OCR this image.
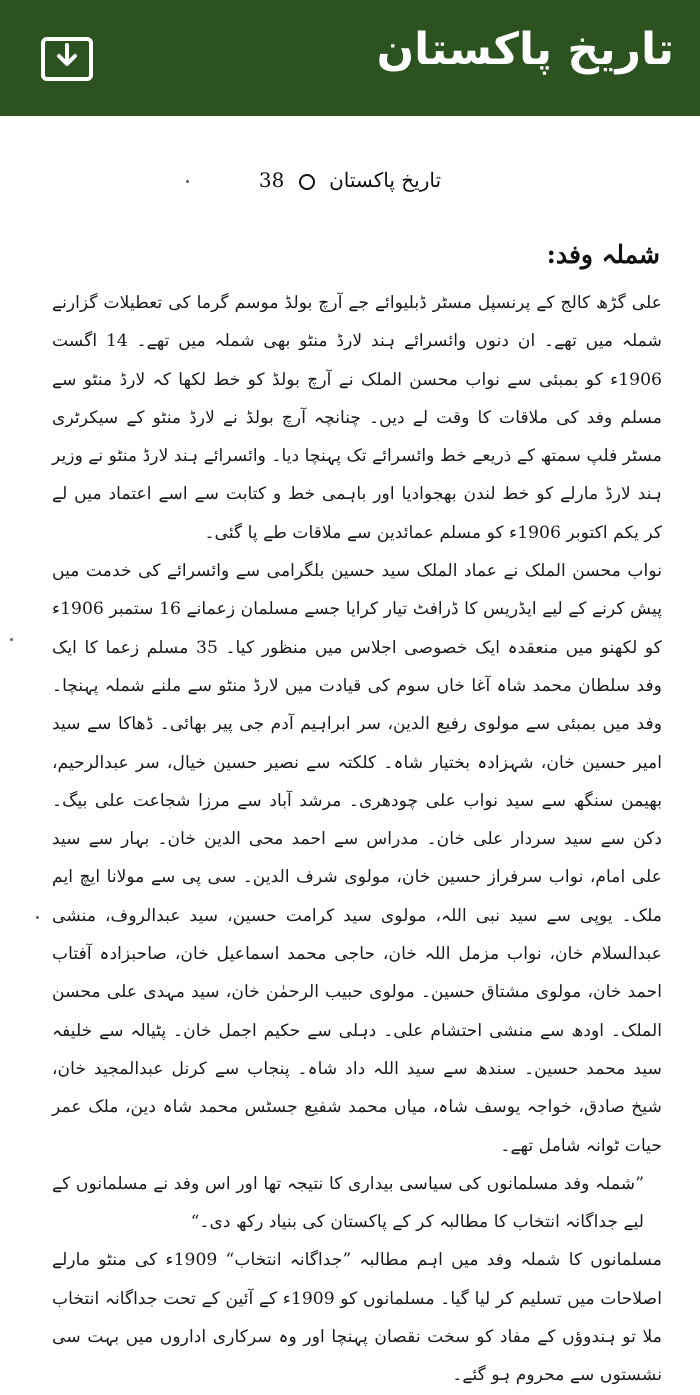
تاریخ پاکستان
تاریخ پاکستان  38
شملہ وفد:

علی گڑھ کالج کے پرنسپل مسٹر ڈبلیوائے جے آرچ بولڈ موسم گرما کی تعطیلات گزارنے شملہ میں تھے۔ ان دنوں وائسرائے ہند لارڈ منٹو بھی شملہ میں تھے۔ 14 اگست 1906ء کو بمبئی سے نواب محسن الملک نے آرچ بولڈ کو خط لکھا کہ لارڈ منٹو سے مسلم وفد کی ملاقات کا وقت لے دیں۔ چنانچہ آرچ بولڈ نے لارڈ منٹو کے سیکرٹری مسٹر فلپ سمتھ کے ذریعے خط وائسرائے تک پہنچا دیا۔ وائسرائے ہند لارڈ منٹو نے وزیر ہند لارڈ مارلے کو خط لندن بھجوادیا اور باہمی خط و کتابت سے اسے اعتماد میں لے کر یکم اکتوبر 1906ء کو مسلم عمائدین سے ملاقات طے پا گئی۔

نواب محسن الملک نے عماد الملک سید حسین بلگرامی سے وائسرائے کی خدمت میں پیش کرنے کے لیے ایڈریس کا ڈرافٹ تیار کرایا جسے مسلمان زعمانے 16 ستمبر 1906ء کو لکھنو میں منعقدہ ایک خصوصی اجلاس میں منظور کیا۔ 35 مسلم زعما کا ایک وفد سلطان محمد شاہ آغا خاں سوم کی قیادت میں لارڈ منٹو سے ملنے شملہ پہنچا۔ وفد میں بمبئی سے مولوی رفیع الدین، سر ابراہیم آدم جی پیر بھائی۔ ڈھاکا سے سید امیر حسین خان، شہزادہ بختیار شاہ۔ کلکتہ سے نصیر حسین خیال، سر عبدالرحیم، بھیمن سنگھ سے سید نواب علی چودھری۔ مرشد آباد سے مرزا شجاعت علی بیگ۔ دکن سے سید سردار علی خان۔ مدراس سے احمد محی الدین خان۔ بہار سے سید علی امام، نواب سرفراز حسین خان، مولوی شرف الدین۔ سی پی سے مولانا ایچ ایم ملک۔ یوپی سے سید نبی اللہ، مولوی سید کرامت حسین، سید عبدالروف، منشی عبدالسلام خان، نواب مزمل اللہ خان، حاجی محمد اسماعیل خان، صاحبزادہ آفتاب احمد خان، مولوی مشتاق حسین۔ مولوی حبیب الرحمٰن خان، سید مہدی علی محسن الملک۔ اودھ سے منشی احتشام علی۔ دہلی سے حکیم اجمل خان۔ پٹیالہ سے خلیفہ سید محمد حسین۔ سندھ سے سید اللہ داد شاہ۔ پنجاب سے کرنل عبدالمجید خان، شیخ صادق، خواجہ یوسف شاہ، میاں محمد شفیع جسٹس محمد شاہ دین، ملک عمر حیات ٹوانہ شامل تھے۔

”شملہ وفد مسلمانوں کی سیاسی بیداری کا نتیجہ تھا اور اس وفد نے مسلمانوں کے لیے جداگانہ انتخاب کا مطالبہ کر کے پاکستان کی بنیاد رکھ دی۔“

مسلمانوں کا شملہ وفد میں اہم مطالبہ ”جداگانہ انتخاب“ 1909ء کی منٹو مارلے اصلاحات میں تسلیم کر لیا گیا۔ مسلمانوں کو 1909ء کے آئین کے تحت جداگانہ انتخاب ملا تو ہندوؤں کے مفاد کو سخت نقصان پہنچا اور وہ سرکاری اداروں میں بہت سی نشستوں سے محروم ہو گئے۔
